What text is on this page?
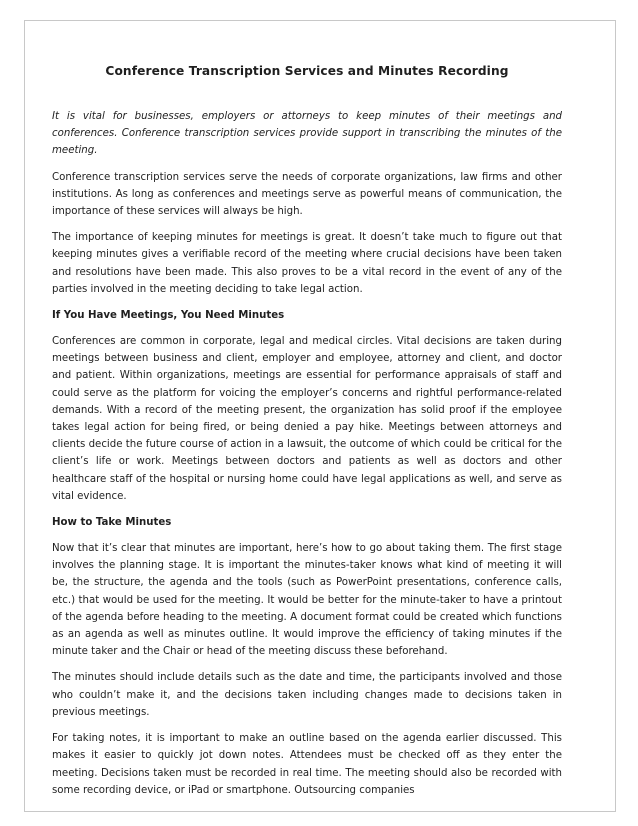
Conference Transcription Services and Minutes Recording

It is vital for businesses, employers or attorneys to keep minutes of their meetings and conferences. Conference transcription services provide support in transcribing the minutes of the meeting.

Conference transcription services serve the needs of corporate organizations, law firms and other institutions. As long as conferences and meetings serve as powerful means of communication, the importance of these services will always be high.

The importance of keeping minutes for meetings is great. It doesn’t take much to figure out that keeping minutes gives a verifiable record of the meeting where crucial decisions have been taken and resolutions have been made. This also proves to be a vital record in the event of any of the parties involved in the meeting deciding to take legal action.

If You Have Meetings, You Need Minutes

Conferences are common in corporate, legal and medical circles. Vital decisions are taken during meetings between business and client, employer and employee, attorney and client, and doctor and patient. Within organizations, meetings are essential for performance appraisals of staff and could serve as the platform for voicing the employer’s concerns and rightful performance-related demands. With a record of the meeting present, the organization has solid proof if the employee takes legal action for being fired, or being denied a pay hike. Meetings between attorneys and clients decide the future course of action in a lawsuit, the outcome of which could be critical for the client’s life or work. Meetings between doctors and patients as well as doctors and other healthcare staff of the hospital or nursing home could have legal applications as well, and serve as vital evidence.

How to Take Minutes

Now that it’s clear that minutes are important, here’s how to go about taking them. The first stage involves the planning stage. It is important the minutes-taker knows what kind of meeting it will be, the structure, the agenda and the tools (such as PowerPoint presentations, conference calls, etc.) that would be used for the meeting. It would be better for the minute-taker to have a printout of the agenda before heading to the meeting. A document format could be created which functions as an agenda as well as minutes outline. It would improve the efficiency of taking minutes if the minute taker and the Chair or head of the meeting discuss these beforehand.

The minutes should include details such as the date and time, the participants involved and those who couldn’t make it, and the decisions taken including changes made to decisions taken in previous meetings.

For taking notes, it is important to make an outline based on the agenda earlier discussed. This makes it easier to quickly jot down notes. Attendees must be checked off as they enter the meeting. Decisions taken must be recorded in real time. The meeting should also be recorded with some recording device, or iPad or smartphone. Outsourcing companies
